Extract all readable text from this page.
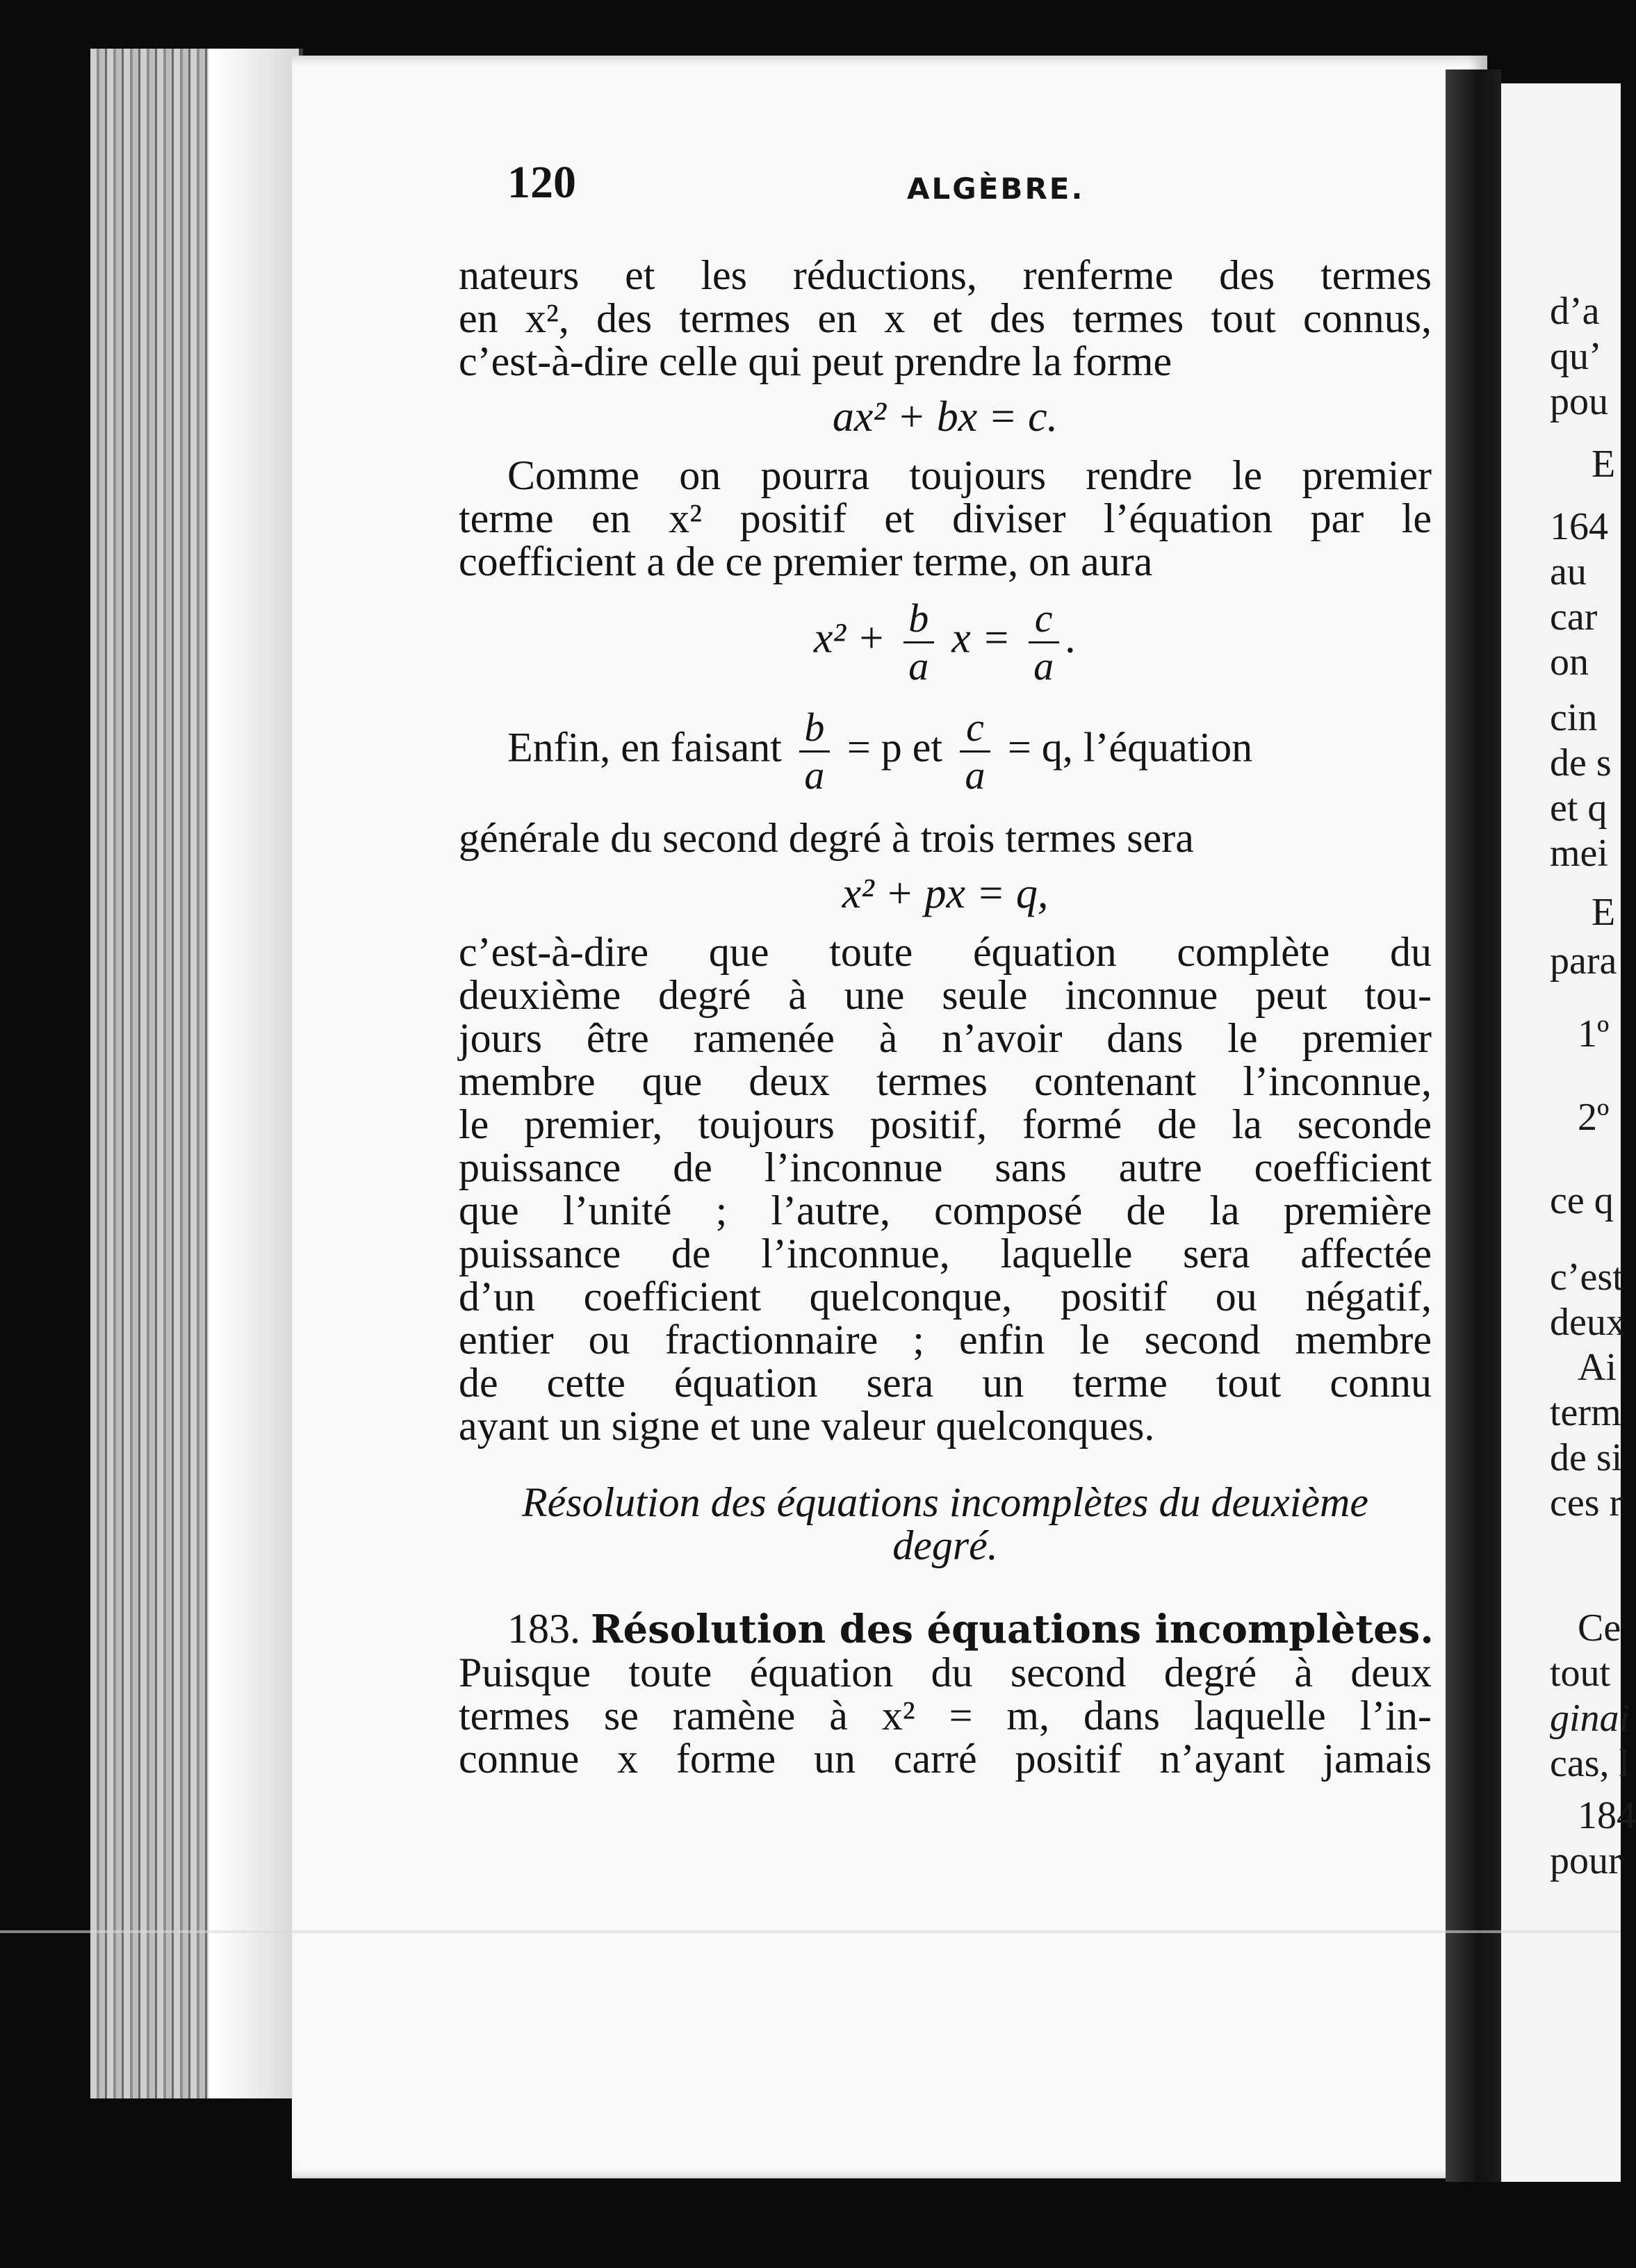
d’a
qu’
pou
E
164
au
car
on
cin
de s
et q
mei
E
para
1º
2º
ce q
c’est
deux
Ai
term
de si
ces r
Ce
tout
ginai
cas, l
184
pour
120	ALGÈBRE.
nateurs et les réductions, renferme des termes
en x², des termes en x et des termes tout connus,
c’est-à-dire celle qui peut prendre la forme
ax² + bx = c.
Comme on pourra toujours rendre le premier
terme en x² positif et diviser l’équation par le
coefficient a de ce premier terme, on aura
$x^2 + \frac{b}{a}$ $x = \frac{c}{a}$ .
Enfin, en faisant $\frac{b}{a} = p$ et $\frac{c}{a} = q$, l’équation
générale du second degré à trois termes sera
x² + px = q,
c’est-à-dire que toute équation complète du
deuxième degré à une seule inconnue peut tou-
jours être ramenée à n’avoir dans le premier
membre que deux termes contenant l’inconnue,
le premier, toujours positif, formé de la seconde
puissance de l’inconnue sans autre coefficient
que l’unité ; l’autre, composé de la première
puissance de l’inconnue, laquelle sera affectée
d’un coefficient quelconque, positif ou négatif,
entier ou fractionnaire ; enfin le second membre
de cette équation sera un terme tout connu
ayant un signe et une valeur quelconques.
Résolution des équations incomplètes du deuxième
degré.
183. Résolution des équations incomplètes.
Puisque toute équation du second degré à deux
termes se ramène à x² = m, dans laquelle l’in-
connue x forme un carré positif n’ayant jamais
